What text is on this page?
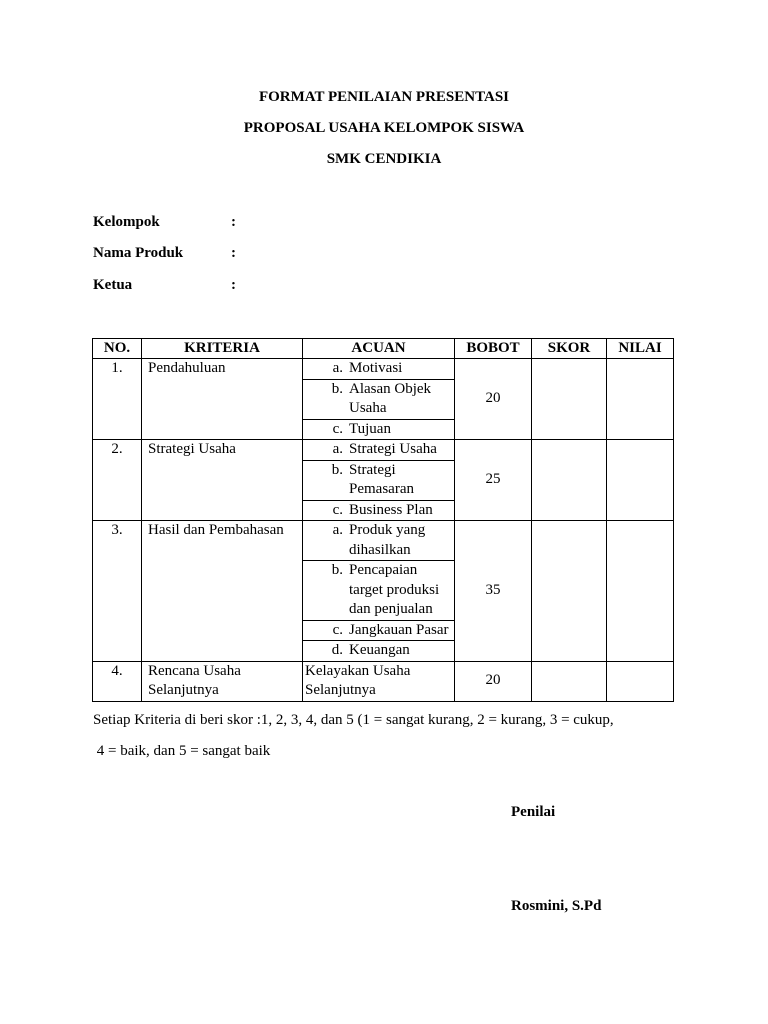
FORMAT PENILAIAN PRESENTASI
PROPOSAL USAHA KELOMPOK SISWA
SMK CENDIKIA
Kelompok	:
Nama Produk	:
Ketua	:
NO.	KRITERIA	ACUAN	BOBOT	SKOR	NILAI
1.	Pendahuluan	a. Motivasi	20		

		b. Alasan Objek Usaha			

		c. Tujuan			

2.	Strategi Usaha	a. Strategi Usaha	25		

		b. Strategi Pemasaran			

		c. Business Plan			

3.	Hasil dan Pembahasan	a. Produk yang dihasilkan	35		

		b. Pencapaian target produksi dan penjualan			

		c. Jangkauan Pasar			

		d. Keuangan			

4.	Rencana Usaha Selanjutnya	Kelayakan Usaha Selanjutnya	20		
Setiap Kriteria di beri skor :1, 2, 3, 4, dan 5 (1 = sangat kurang, 2 = kurang, 3 = cukup,
4 = baik, dan 5 = sangat baik
Penilai
Rosmini, S.Pd
